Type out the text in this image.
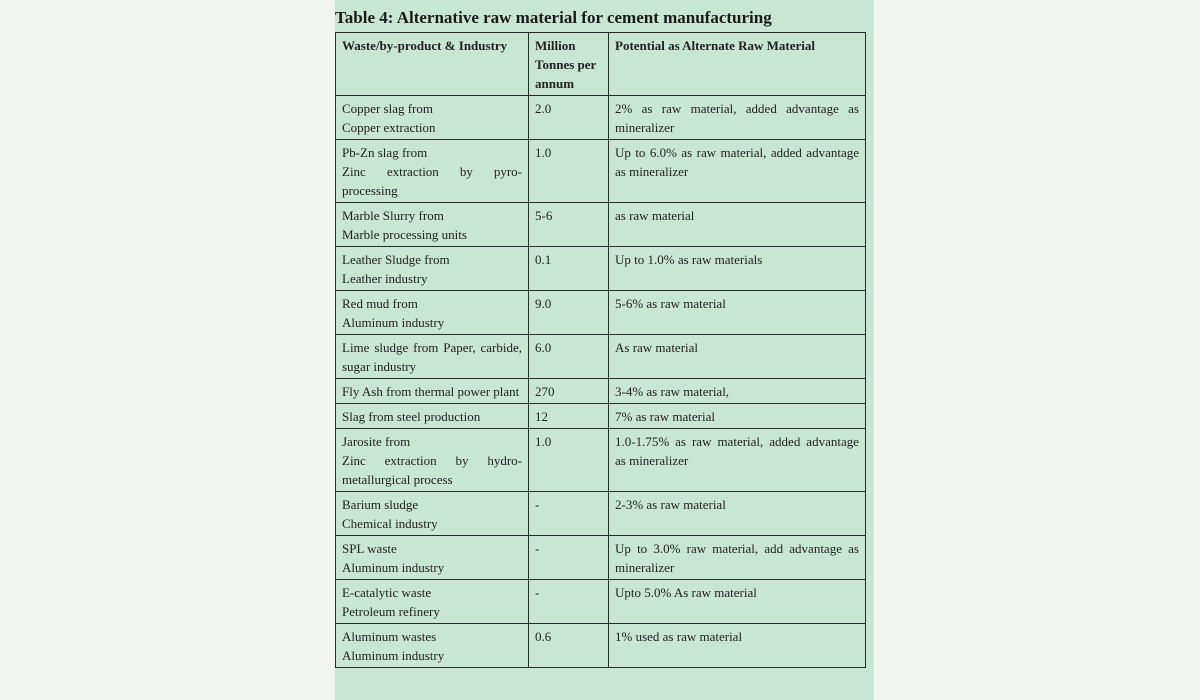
Table 4: Alternative raw material for cement manufacturing
Waste/by-product & Industry	Million Tonnes per annum	Potential as Alternate Raw Material

Copper slag from
Copper extraction	2.0	2% as raw material, added advantage as mineralizer

Pb-Zn slag from
Zinc extraction by pyro-processing	1.0	Up to 6.0% as raw material, added advantage as mineralizer

Marble Slurry from
Marble processing units	5-6	as raw material

Leather Sludge from
Leather industry	0.1	Up to 1.0% as raw materials

Red mud from
Aluminum industry	9.0	5-6% as raw material

Lime sludge from Paper, carbide, sugar industry	6.0	As raw material

Fly Ash from thermal power plant	270	3-4% as raw material,

Slag from steel production	12	7% as raw material

Jarosite from
Zinc extraction by hydro-metallurgical process	1.0	1.0-1.75% as raw material, added advantage as mineralizer

Barium sludge
Chemical industry	-	2-3% as raw material

SPL waste
Aluminum industry	-	Up to 3.0% raw material, add advantage as mineralizer

E-catalytic waste
Petroleum refinery	-	Upto 5.0% As raw material

Aluminum wastes
Aluminum industry	0.6	1% used as raw material
